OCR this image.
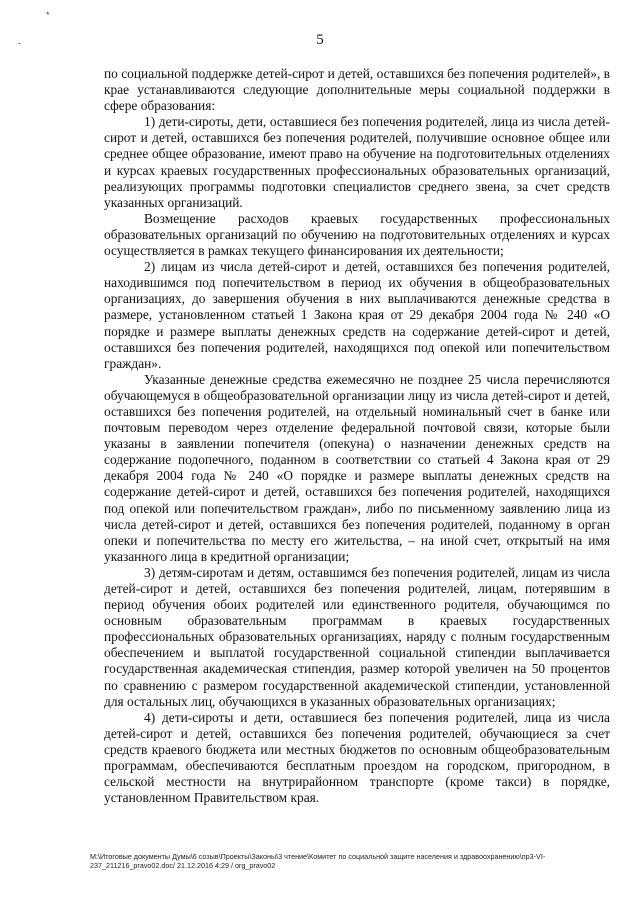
*
-	5

по социальной поддержке детей-сирот и детей, оставшихся без попечения родителей», в крае устанавливаются следующие дополнительные меры социальной поддержки в сфере образования:

1) дети-сироты, дети, оставшиеся без попечения родителей, лица из числа детей-сирот и детей, оставшихся без попечения родителей, получившие основное общее или среднее общее образование, имеют право на обучение на подготовительных отделениях и курсах краевых государственных профессиональных образовательных организаций, реализующих программы подготовки специалистов среднего звена, за счет средств указанных организаций.

Возмещение расходов краевых государственных профессиональных образовательных организаций по обучению на подготовительных отделениях и курсах осуществляется в рамках текущего финансирования их деятельности;

2) лицам из числа детей-сирот и детей, оставшихся без попечения родителей, находившимся под попечительством в период их обучения в общеобразовательных организациях, до завершения обучения в них выплачиваются денежные средства в размере, установленном статьей 1 Закона края от 29 декабря 2004 года № 240 «О порядке и размере выплаты денежных средств на содержание детей-сирот и детей, оставшихся без попечения родителей, находящихся под опекой или попечительством граждан».

Указанные денежные средства ежемесячно не позднее 25 числа перечисляются обучающемуся в общеобразовательной организации лицу из числа детей-сирот и детей, оставшихся без попечения родителей, на отдельный номинальный счет в банке или почтовым переводом через отделение федеральной почтовой связи, которые были указаны в заявлении попечителя (опекуна) о назначении денежных средств на содержание подопечного, поданном в соответствии со статьей 4 Закона края от 29 декабря 2004 года № 240 «О порядке и размере выплаты денежных средств на содержание детей-сирот и детей, оставшихся без попечения родителей, находящихся под опекой или попечительством граждан», либо по письменному заявлению лица из числа детей-сирот и детей, оставшихся без попечения родителей, поданному в орган опеки и попечительства по месту его жительства, – на иной счет, открытый на имя указанного лица в кредитной организации;

3) детям-сиротам и детям, оставшимся без попечения родителей, лицам из числа детей-сирот и детей, оставшихся без попечения родителей, лицам, потерявшим в период обучения обоих родителей или единственного родителя, обучающимся по основным образовательным программам в краевых государственных профессиональных образовательных организациях, наряду с полным государственным обеспечением и выплатой государственной социальной стипендии выплачивается государственная академическая стипендия, размер которой увеличен на 50 процентов по сравнению с размером государственной академической стипендии, установленной для остальных лиц, обучающихся в указанных образовательных организациях;

4) дети-сироты и дети, оставшиеся без попечения родителей, лица из числа детей-сирот и детей, оставшихся без попечения родителей, обучающиеся за счет средств краевого бюджета или местных бюджетов по основным общеобразовательным программам, обеспечиваются бесплатным проездом на городском, пригородном, в сельской местности на внутрирайонном транспорте (кроме такси) в порядке, установленном Правительством края.

M:\Итоговые документы Думы\6 созыв\Проекты\Законы\3 чтение\Комитет по социальной защите населения и здравоохранению\пр3-VI-237_211216_pravo02.doc/ 21.12.2016 4:29 / org_pravo02
